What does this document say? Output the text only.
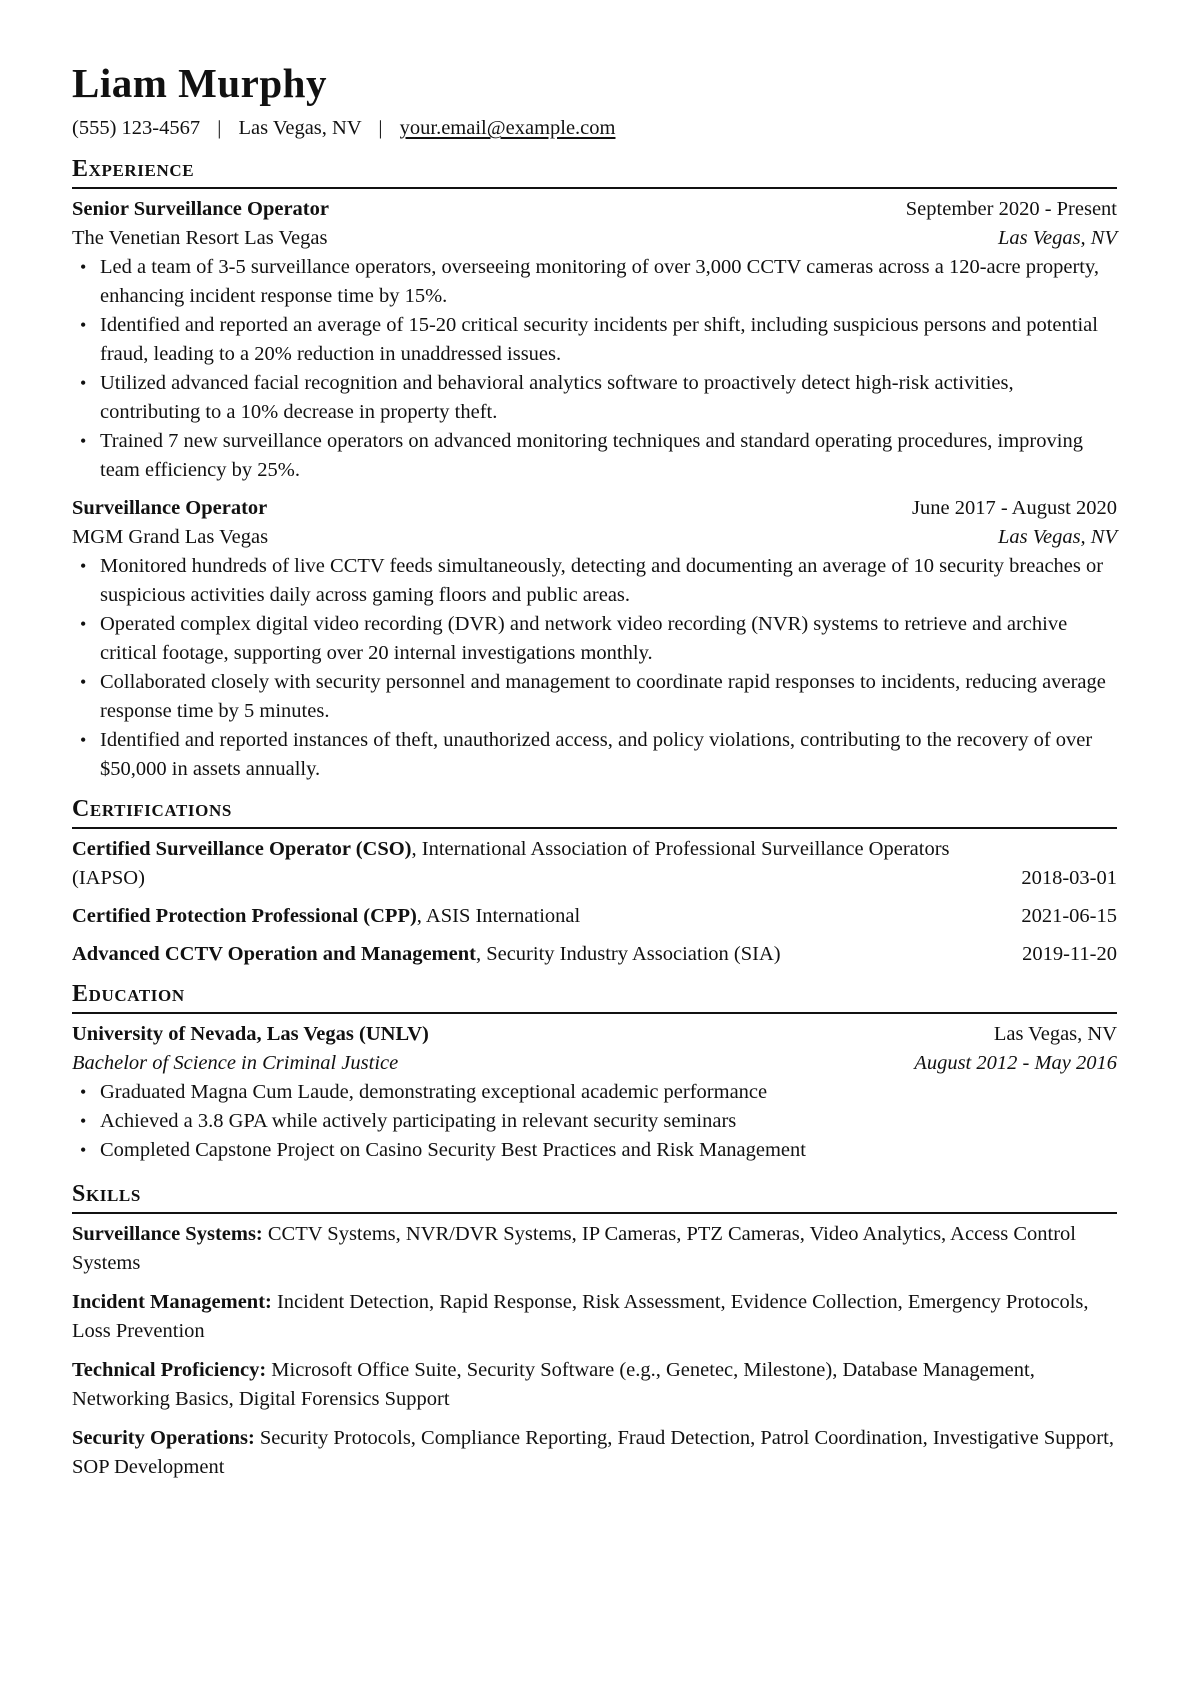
Liam Murphy
(555) 123-4567 | Las Vegas, NV | your.email@example.com
Experience
Senior Surveillance Operator	September 2020 - Present
The Venetian Resort Las Vegas	Las Vegas, NV
• Led a team of 3-5 surveillance operators, overseeing monitoring of over 3,000 CCTV cameras across a 120-acre property, enhancing incident response time by 15%.
• Identified and reported an average of 15-20 critical security incidents per shift, including suspicious persons and potential fraud, leading to a 20% reduction in unaddressed issues.
• Utilized advanced facial recognition and behavioral analytics software to proactively detect high-risk activities, contributing to a 10% decrease in property theft.
• Trained 7 new surveillance operators on advanced monitoring techniques and standard operating procedures, improving team efficiency by 25%.
Surveillance Operator	June 2017 - August 2020
MGM Grand Las Vegas	Las Vegas, NV
• Monitored hundreds of live CCTV feeds simultaneously, detecting and documenting an average of 10 security breaches or suspicious activities daily across gaming floors and public areas.
• Operated complex digital video recording (DVR) and network video recording (NVR) systems to retrieve and archive critical footage, supporting over 20 internal investigations monthly.
• Collaborated closely with security personnel and management to coordinate rapid responses to incidents, reducing average response time by 5 minutes.
• Identified and reported instances of theft, unauthorized access, and policy violations, contributing to the recovery of over $50,000 in assets annually.
Certifications
Certified Surveillance Operator (CSO), International Association of Professional Surveillance Operators (IAPSO)	2018-03-01
Certified Protection Professional (CPP), ASIS International	2021-06-15
Advanced CCTV Operation and Management, Security Industry Association (SIA)	2019-11-20
Education
University of Nevada, Las Vegas (UNLV)	Las Vegas, NV
Bachelor of Science in Criminal Justice	August 2012 - May 2016
• Graduated Magna Cum Laude, demonstrating exceptional academic performance
• Achieved a 3.8 GPA while actively participating in relevant security seminars
• Completed Capstone Project on Casino Security Best Practices and Risk Management
Skills
Surveillance Systems: CCTV Systems, NVR/DVR Systems, IP Cameras, PTZ Cameras, Video Analytics, Access Control Systems
Incident Management: Incident Detection, Rapid Response, Risk Assessment, Evidence Collection, Emergency Protocols, Loss Prevention
Technical Proficiency: Microsoft Office Suite, Security Software (e.g., Genetec, Milestone), Database Management, Networking Basics, Digital Forensics Support
Security Operations: Security Protocols, Compliance Reporting, Fraud Detection, Patrol Coordination, Investigative Support, SOP Development
